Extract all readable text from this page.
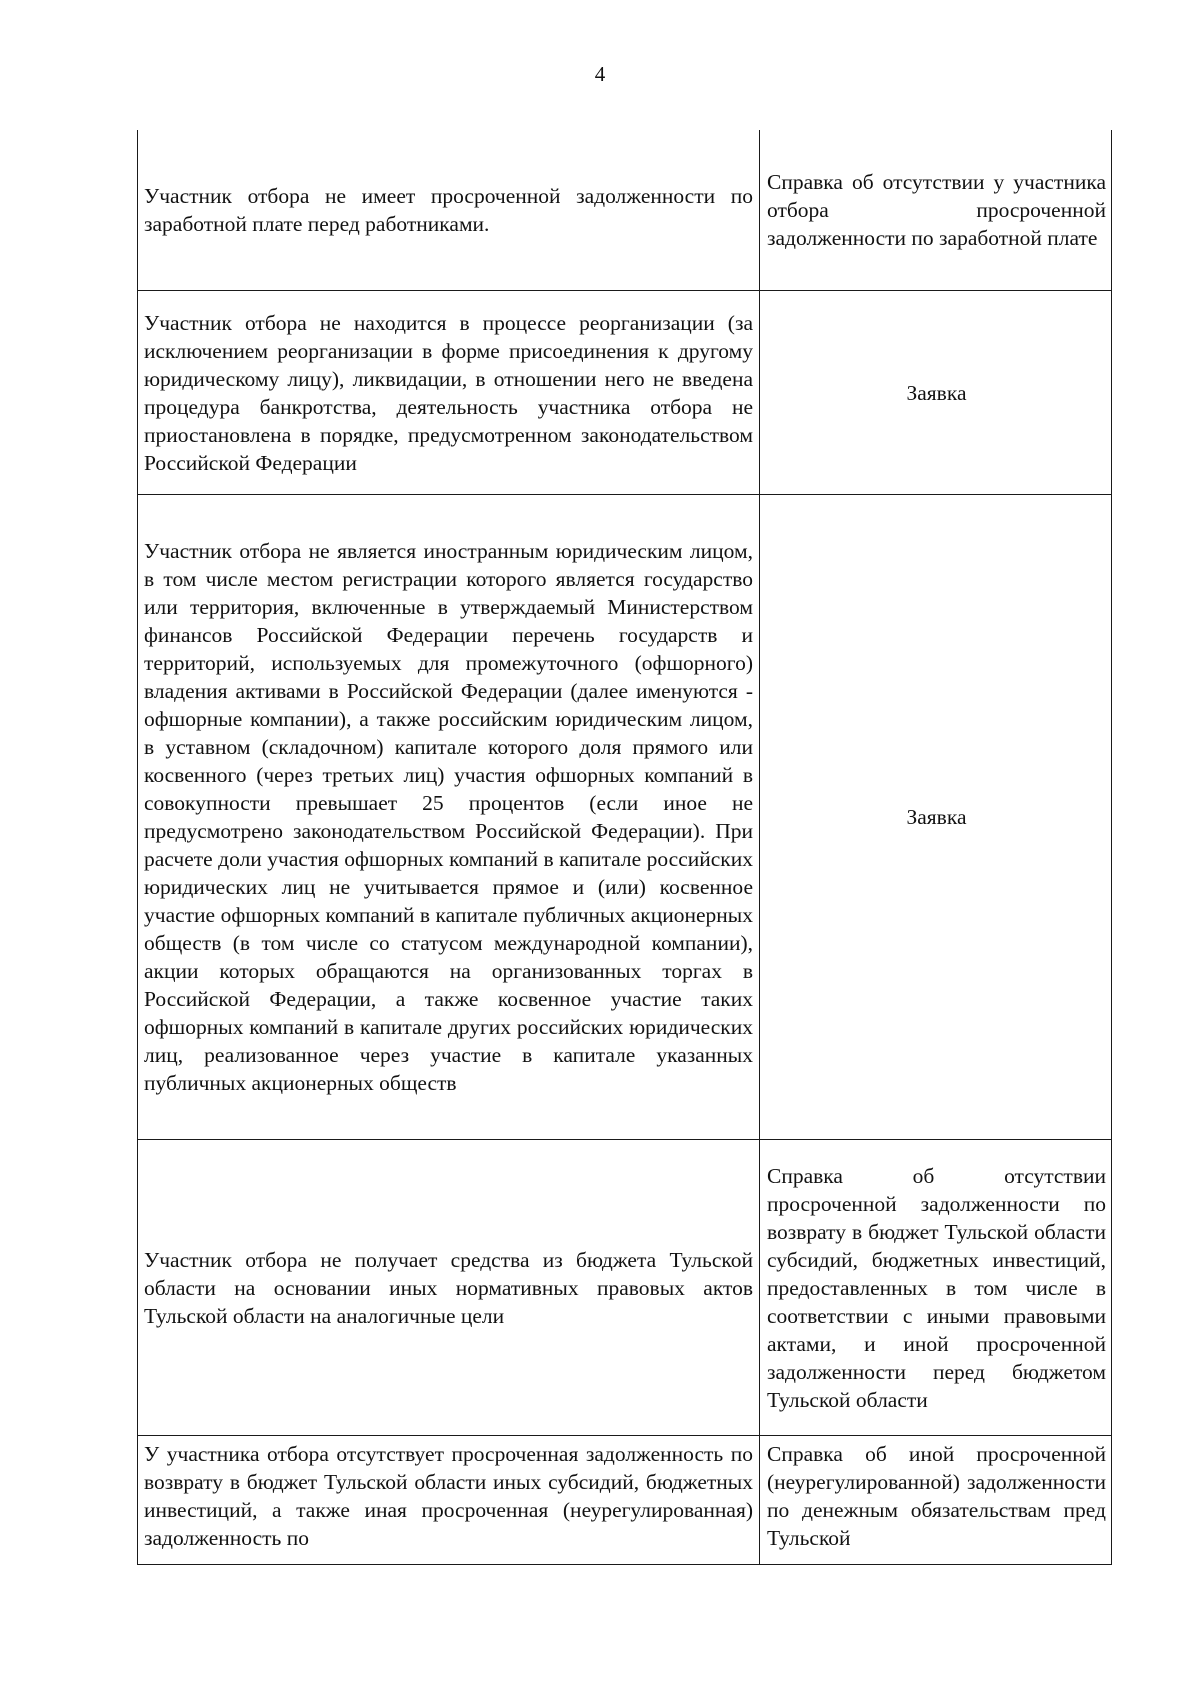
4
Участник отбора не имеет просроченной задолженности по заработной плате перед работниками.	Справка об отсутствии у участника отбора просроченной задолженности по заработной плате
Участник отбора не находится в процессе реорганизации (за исключением реорганизации в форме присоединения к другому юридическому лицу), ликвидации, в отношении него не введена процедура банкротства, деятельность участника отбора не приостановлена в порядке, предусмотренном законодательством Российской Федерации	Заявка
Участник отбора не является иностранным юридическим лицом, в том числе местом регистрации которого является государство или территория, включенные в утверждаемый Министерством финансов Российской Федерации перечень государств и территорий, используемых для промежуточного (офшорного) владения активами в Российской Федерации (далее именуются - офшорные компании), а также российским юридическим лицом, в уставном (складочном) капитале которого доля прямого или косвенного (через третьих лиц) участия офшорных компаний в совокупности превышает 25 процентов (если иное не предусмотрено законодательством Российской Федерации). При расчете доли участия офшорных компаний в капитале российских юридических лиц не учитывается прямое и (или) косвенное участие офшорных компаний в капитале публичных акционерных обществ (в том числе со статусом международной компании), акции которых обращаются на организованных торгах в Российской Федерации, а также косвенное участие таких офшорных компаний в капитале других российских юридических лиц, реализованное через участие в капитале указанных публичных акционерных обществ	Заявка
Участник отбора не получает средства из бюджета Тульской области на основании иных нормативных правовых актов Тульской области на аналогичные цели	Справка об отсутствии просроченной задолженности по возврату в бюджет Тульской области субсидий, бюджетных инвестиций, предоставленных в том числе в соответствии с иными правовыми актами, и иной просроченной задолженности перед бюджетом Тульской области
У участника отбора отсутствует просроченная задолженность по возврату в бюджет Тульской области иных субсидий, бюджетных инвестиций, а также иная просроченная (неурегулированная) задолженность по	Справка об иной просроченной (неурегулированной) задолженности по денежным обязательствам пред Тульской
